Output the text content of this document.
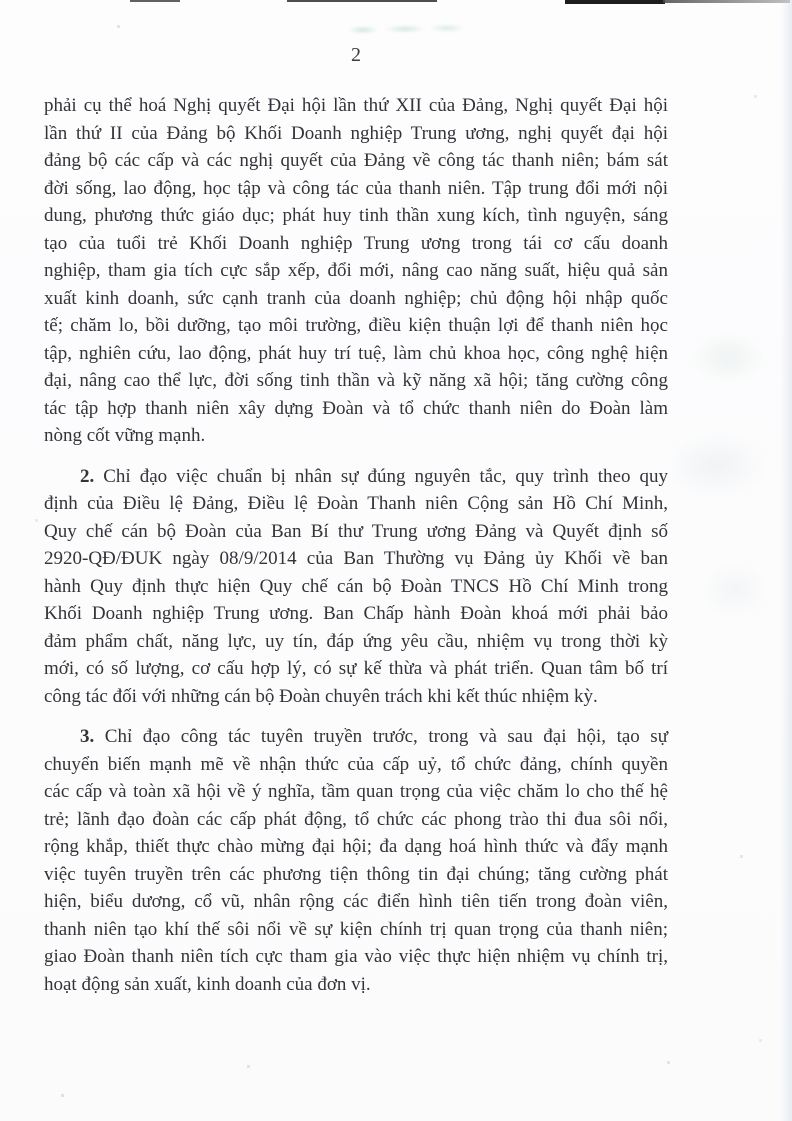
2
phải cụ thể hoá Nghị quyết Đại hội lần thứ XII của Đảng, Nghị quyết Đại hội
lần thứ II của Đảng bộ Khối Doanh nghiệp Trung ương, nghị quyết đại hội
đảng bộ các cấp và các nghị quyết của Đảng về công tác thanh niên; bám sát
đời sống, lao động, học tập và công tác của thanh niên. Tập trung đổi mới nội
dung, phương thức giáo dục; phát huy tinh thần xung kích, tình nguyện, sáng
tạo của tuổi trẻ Khối Doanh nghiệp Trung ương trong tái cơ cấu doanh
nghiệp, tham gia tích cực sắp xếp, đổi mới, nâng cao năng suất, hiệu quả sản
xuất kinh doanh, sức cạnh tranh của doanh nghiệp; chủ động hội nhập quốc
tế; chăm lo, bồi dưỡng, tạo môi trường, điều kiện thuận lợi để thanh niên học
tập, nghiên cứu, lao động, phát huy trí tuệ, làm chủ khoa học, công nghệ hiện
đại, nâng cao thể lực, đời sống tinh thần và kỹ năng xã hội; tăng cường công
tác tập hợp thanh niên xây dựng Đoàn và tổ chức thanh niên do Đoàn làm
nòng cốt vững mạnh.
2. Chỉ đạo việc chuẩn bị nhân sự đúng nguyên tắc, quy trình theo quy
định của Điều lệ Đảng, Điều lệ Đoàn Thanh niên Cộng sản Hồ Chí Minh,
Quy chế cán bộ Đoàn của Ban Bí thư Trung ương Đảng và Quyết định số
2920-QĐ/ĐUK ngày 08/9/2014 của Ban Thường vụ Đảng ủy Khối về ban
hành Quy định thực hiện Quy chế cán bộ Đoàn TNCS Hồ Chí Minh trong
Khối Doanh nghiệp Trung ương. Ban Chấp hành Đoàn khoá mới phải bảo
đảm phẩm chất, năng lực, uy tín, đáp ứng yêu cầu, nhiệm vụ trong thời kỳ
mới, có số lượng, cơ cấu hợp lý, có sự kế thừa và phát triển. Quan tâm bố trí
công tác đối với những cán bộ Đoàn chuyên trách khi kết thúc nhiệm kỳ.
3. Chỉ đạo công tác tuyên truyền trước, trong và sau đại hội, tạo sự
chuyển biến mạnh mẽ về nhận thức của cấp uỷ, tổ chức đảng, chính quyền
các cấp và toàn xã hội về ý nghĩa, tầm quan trọng của việc chăm lo cho thế hệ
trẻ; lãnh đạo đoàn các cấp phát động, tổ chức các phong trào thi đua sôi nổi,
rộng khắp, thiết thực chào mừng đại hội; đa dạng hoá hình thức và đẩy mạnh
việc tuyên truyền trên các phương tiện thông tin đại chúng; tăng cường phát
hiện, biểu dương, cổ vũ, nhân rộng các điển hình tiên tiến trong đoàn viên,
thanh niên tạo khí thế sôi nổi về sự kiện chính trị quan trọng của thanh niên;
giao Đoàn thanh niên tích cực tham gia vào việc thực hiện nhiệm vụ chính trị,
hoạt động sản xuất, kinh doanh của đơn vị.
